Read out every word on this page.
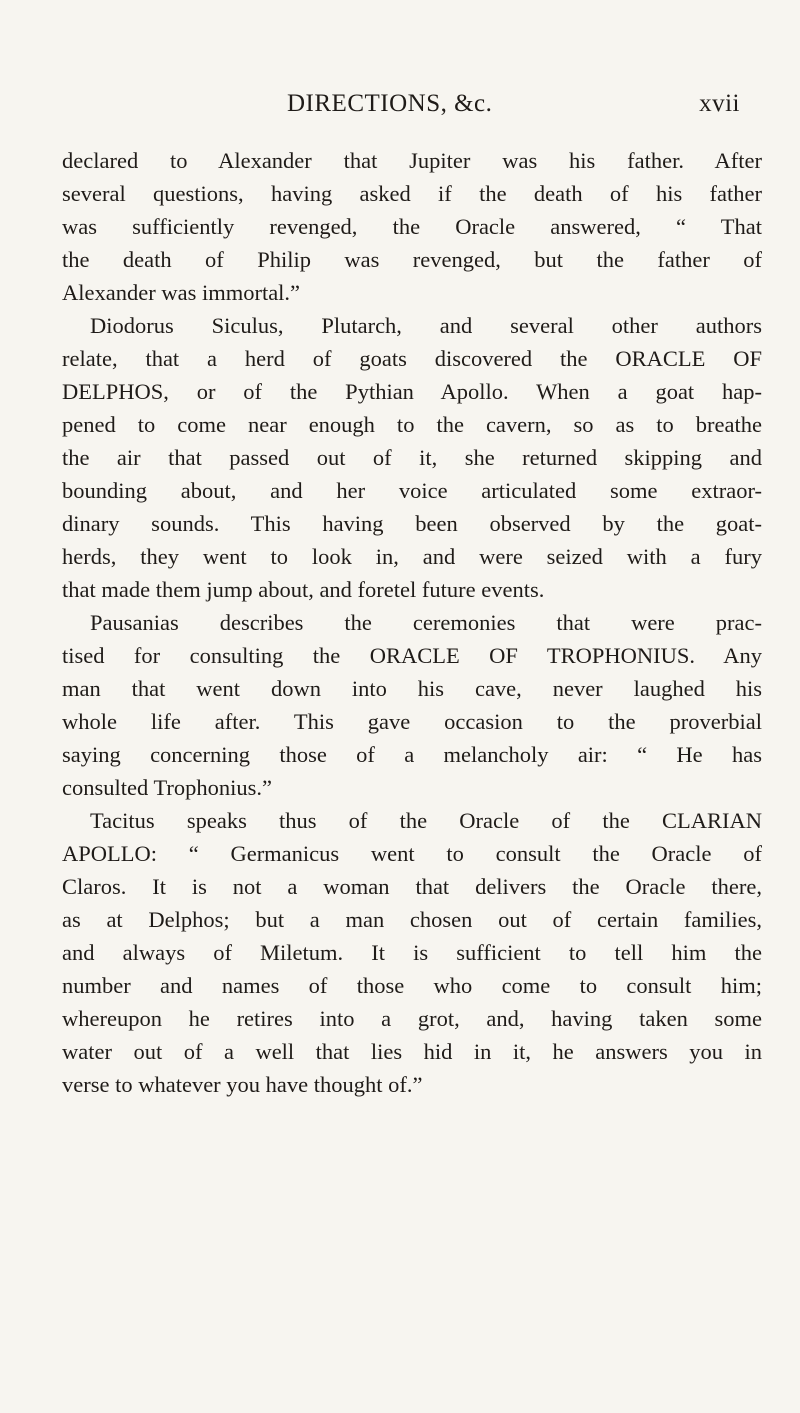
DIRECTIONS, &c.	xvii
declared to Alexander that Jupiter was his father. After
several questions, having asked if the death of his father
was sufficiently revenged, the Oracle answered, “ That
the death of Philip was revenged, but the father of
Alexander was immortal.”
Diodorus Siculus, Plutarch, and several other authors
relate, that a herd of goats discovered the ORACLE OF
DELPHOS, or of the Pythian Apollo. When a goat hap-
pened to come near enough to the cavern, so as to breathe
the air that passed out of it, she returned skipping and
bounding about, and her voice articulated some extraor-
dinary sounds. This having been observed by the goat-
herds, they went to look in, and were seized with a fury
that made them jump about, and foretel future events.
Pausanias describes the ceremonies that were prac-
tised for consulting the ORACLE OF TROPHONIUS. Any
man that went down into his cave, never laughed his
whole life after. This gave occasion to the proverbial
saying concerning those of a melancholy air: “ He has
consulted Trophonius.”
Tacitus speaks thus of the Oracle of the CLARIAN
APOLLO: “ Germanicus went to consult the Oracle of
Claros. It is not a woman that delivers the Oracle there,
as at Delphos; but a man chosen out of certain families,
and always of Miletum. It is sufficient to tell him the
number and names of those who come to consult him;
whereupon he retires into a grot, and, having taken some
water out of a well that lies hid in it, he answers you in
verse to whatever you have thought of.”
